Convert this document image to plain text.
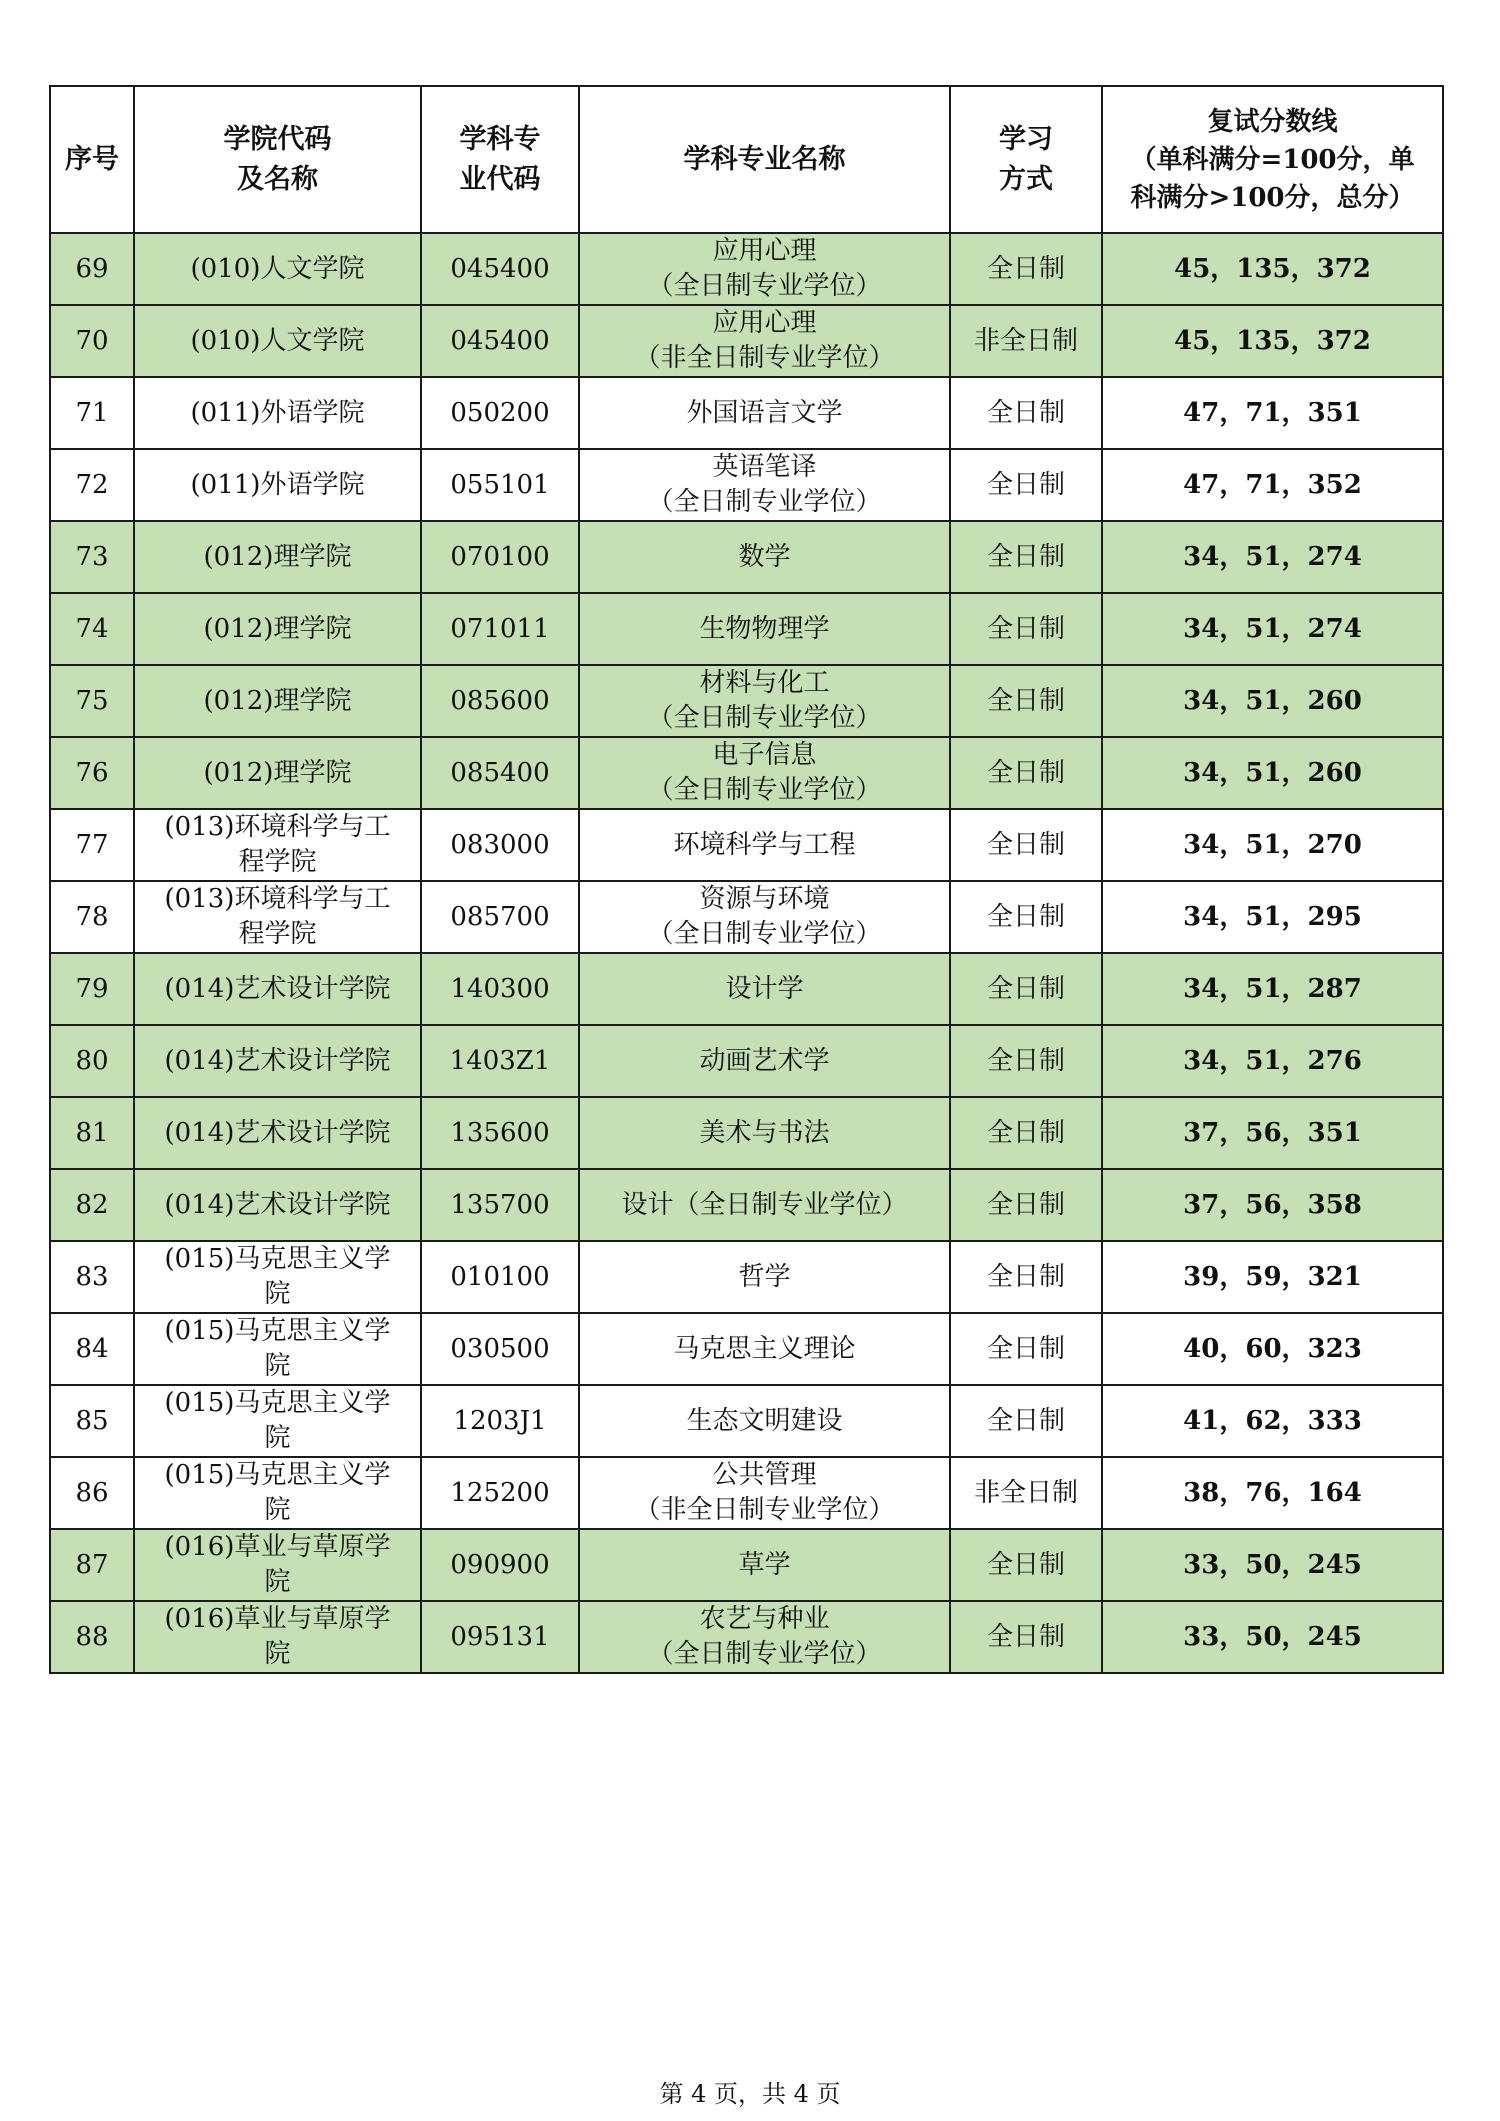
序号	学院代码
及名称	学科专
业代码	学科专业名称	学习
方式	复试分数线
（单科满分=100分，单
科满分>100分，总分）

69	(010)人文学院	045400	应用心理
（全日制专业学位）	全日制	45，135，372
70	(010)人文学院	045400	应用心理
（非全日制专业学位）	非全日制	45，135，372
71	(011)外语学院	050200	外国语言文学	全日制	47，71，351
72	(011)外语学院	055101	英语笔译
（全日制专业学位）	全日制	47，71，352
73	(012)理学院	070100	数学	全日制	34，51，274
74	(012)理学院	071011	生物物理学	全日制	34，51，274
75	(012)理学院	085600	材料与化工
（全日制专业学位）	全日制	34，51，260
76	(012)理学院	085400	电子信息
（全日制专业学位）	全日制	34，51，260
77	(013)环境科学与工
程学院	083000	环境科学与工程	全日制	34，51，270
78	(013)环境科学与工
程学院	085700	资源与环境
（全日制专业学位）	全日制	34，51，295
79	(014)艺术设计学院	140300	设计学	全日制	34，51，287
80	(014)艺术设计学院	1403Z1	动画艺术学	全日制	34，51，276
81	(014)艺术设计学院	135600	美术与书法	全日制	37，56，351
82	(014)艺术设计学院	135700	设计（全日制专业学位）	全日制	37，56，358
83	(015)马克思主义学
院	010100	哲学	全日制	39，59，321
84	(015)马克思主义学
院	030500	马克思主义理论	全日制	40，60，323
85	(015)马克思主义学
院	1203J1	生态文明建设	全日制	41，62，333
86	(015)马克思主义学
院	125200	公共管理
（非全日制专业学位）	非全日制	38，76，164
87	(016)草业与草原学
院	090900	草学	全日制	33，50，245
88	(016)草业与草原学
院	095131	农艺与种业
（全日制专业学位）	全日制	33，50，245
第 4 页，共 4 页
